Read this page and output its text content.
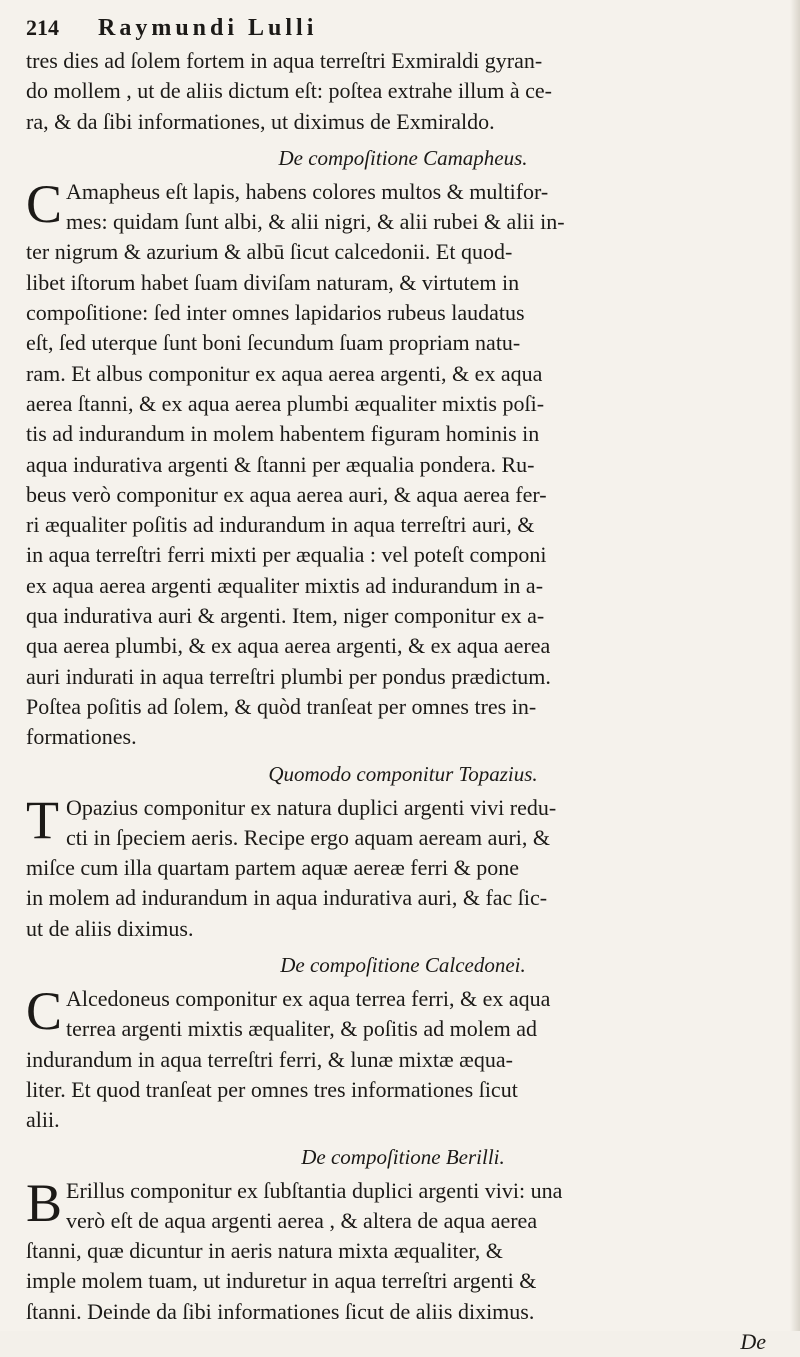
214	Raymundi Lulli

tres dies ad ſolem fortem in aqua terreſtri Exmiraldi gyran-
do mollem , ut de aliis dictum eſt: poſtea extrahe illum à ce-
ra, & da ſibi informationes, ut diximus de Exmiraldo.

De compoſitione Camapheus.

C Amapheus eſt lapis, habens colores multos & multifor-
mes: quidam ſunt albi, & alii nigri, & alii rubei & alii in-
ter nigrum & azurium & albū ſicut calcedonii. Et quod-
libet iſtorum habet ſuam diviſam naturam, & virtutem in
compoſitione: ſed inter omnes lapidarios rubeus laudatus
eſt, ſed uterque ſunt boni ſecundum ſuam propriam natu-
ram. Et albus componitur ex aqua aerea argenti, & ex aqua
aerea ſtanni, & ex aqua aerea plumbi æqualiter mixtis poſi-
tis ad indurandum in molem habentem figuram hominis in
aqua indurativa argenti & ſtanni per æqualia pondera. Ru-
beus verò componitur ex aqua aerea auri, & aqua aerea fer-
ri æqualiter poſitis ad indurandum in aqua terreſtri auri, &
in aqua terreſtri ferri mixti per æqualia : vel poteſt componi
ex aqua aerea argenti æqualiter mixtis ad indurandum in a-
qua indurativa auri & argenti. Item, niger componitur ex a-
qua aerea plumbi, & ex aqua aerea argenti, & ex aqua aerea
auri indurati in aqua terreſtri plumbi per pondus prædictum.
Poſtea poſitis ad ſolem, & quòd tranſeat per omnes tres in-
formationes.

Quomodo componitur Topazius.

T Opazius componitur ex natura duplici argenti vivi redu-
cti in ſpeciem aeris. Recipe ergo aquam aeream auri, &
miſce cum illa quartam partem aquæ aereæ ferri & pone
in molem ad indurandum in aqua indurativa auri, & fac ſic-
ut de aliis diximus.

De compoſitione Calcedonei.

C Alcedoneus componitur ex aqua terrea ferri, & ex aqua
terrea argenti mixtis æqualiter, & poſitis ad molem ad
indurandum in aqua terreſtri ferri, & lunæ mixtæ æqua-
liter. Et quod tranſeat per omnes tres informationes ſicut
alii.

De compoſitione Berilli.

B Erillus componitur ex ſubſtantia duplici argenti vivi: una
verò eſt de aqua argenti aerea , & altera de aqua aerea
ſtanni, quæ dicuntur in aeris natura mixta æqualiter, &
imple molem tuam, ut induretur in aqua terreſtri argenti &
ſtanni. Deinde da ſibi informationes ſicut de aliis diximus.

De
